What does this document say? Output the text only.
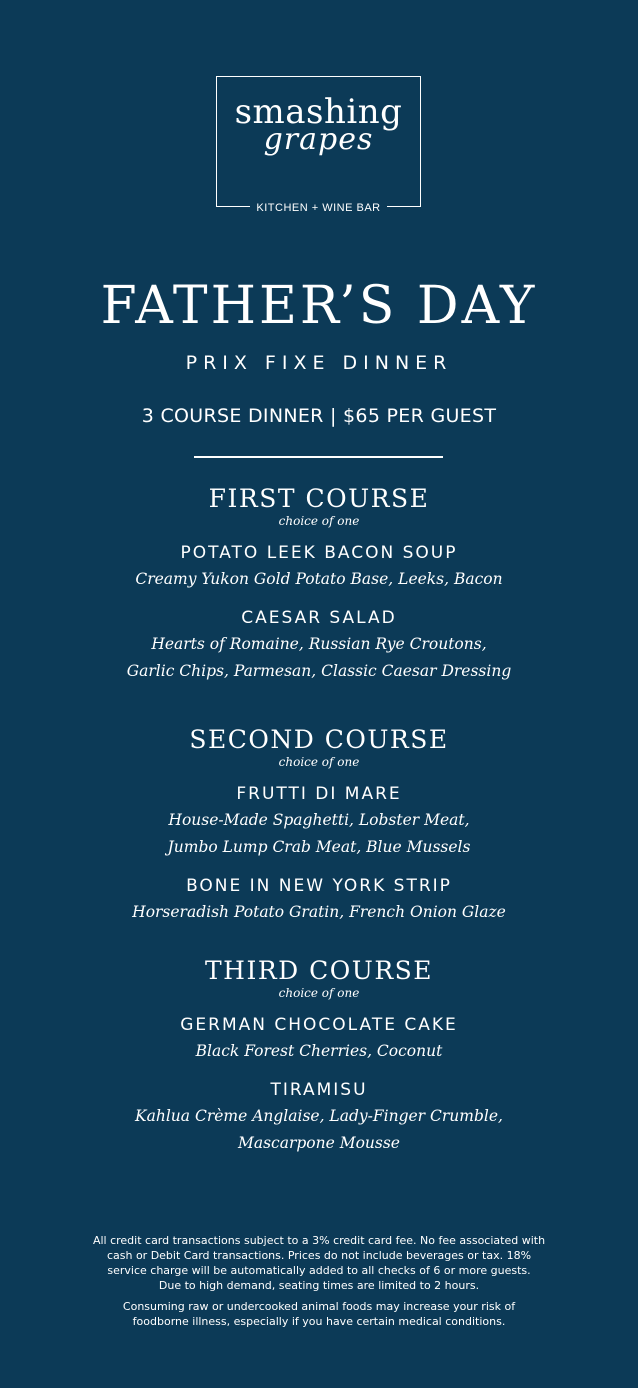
smashing
grapes
KITCHEN + WINE BAR
FATHER’S DAY
PRIX FIXE DINNER
3 COURSE DINNER | $65 PER GUEST
FIRST COURSE
choice of one
POTATO LEEK BACON SOUP
Creamy Yukon Gold Potato Base, Leeks, Bacon
CAESAR SALAD
Hearts of Romaine, Russian Rye Croutons,
Garlic Chips, Parmesan, Classic Caesar Dressing
SECOND COURSE
choice of one
FRUTTI DI MARE
House-Made Spaghetti, Lobster Meat,
Jumbo Lump Crab Meat, Blue Mussels
BONE IN NEW YORK STRIP
Horseradish Potato Gratin, French Onion Glaze
THIRD COURSE
choice of one
GERMAN CHOCOLATE CAKE
Black Forest Cherries, Coconut
TIRAMISU
Kahlua Crème Anglaise, Lady-Finger Crumble,
Mascarpone Mousse

All credit card transactions subject to a 3% credit card fee. No fee associated with
cash or Debit Card transactions. Prices do not include beverages or tax. 18%
service charge will be automatically added to all checks of 6 or more guests.
Due to high demand, seating times are limited to 2 hours.

Consuming raw or undercooked animal foods may increase your risk of
foodborne illness, especially if you have certain medical conditions.
